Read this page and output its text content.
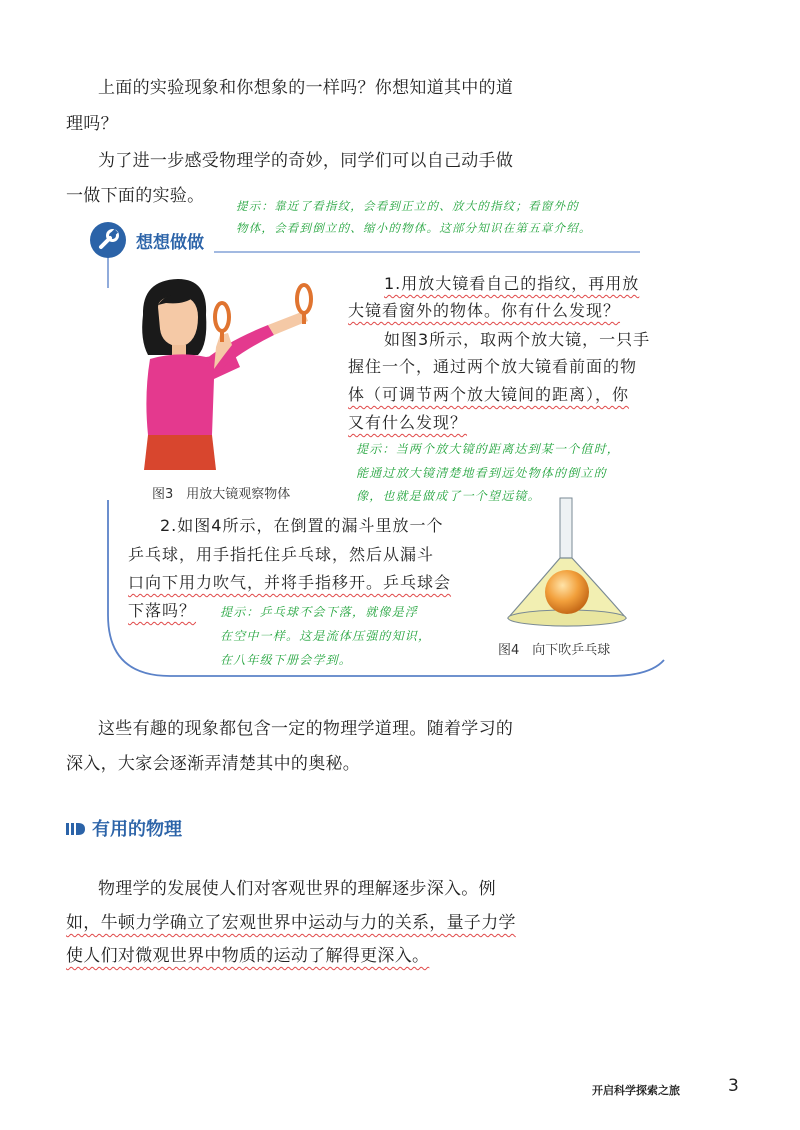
上面的实验现象和你想象的一样吗？你想知道其中的道
理吗？
为了进一步感受物理学的奇妙，同学们可以自己动手做
一做下面的实验。	提示：靠近了看指纹，会看到正立的、放大的指纹；看窗外的
物体，会看到倒立的、缩小的物体。这部分知识在第五章介绍。
想想做做
图3　用放大镜观察物体
1.用放大镜看自己的指纹，再用放
大镜看窗外的物体。你有什么发现？
如图3所示，取两个放大镜，一只手
握住一个，通过两个放大镜看前面的物
体（可调节两个放大镜间的距离），你
又有什么发现？
提示：当两个放大镜的距离达到某一个值时，
能通过放大镜清楚地看到远处物体的倒立的
像，也就是做成了一个望远镜。
2.如图4所示，在倒置的漏斗里放一个
乒乓球，用手指托住乒乓球，然后从漏斗
口向下用力吹气，并将手指移开。乒乓球会
下落吗？ 提示：乒乓球不会下落，就像是浮
在空中一样。这是流体压强的知识，
在八年级下册会学到。
图4　向下吹乒乓球
这些有趣的现象都包含一定的物理学道理。随着学习的
深入，大家会逐渐弄清楚其中的奥秘。
有用的物理
物理学的发展使人们对客观世界的理解逐步深入。例
如，牛顿力学确立了宏观世界中运动与力的关系，量子力学
使人们对微观世界中物质的运动了解得更深入。
开启科学探索之旅	3
